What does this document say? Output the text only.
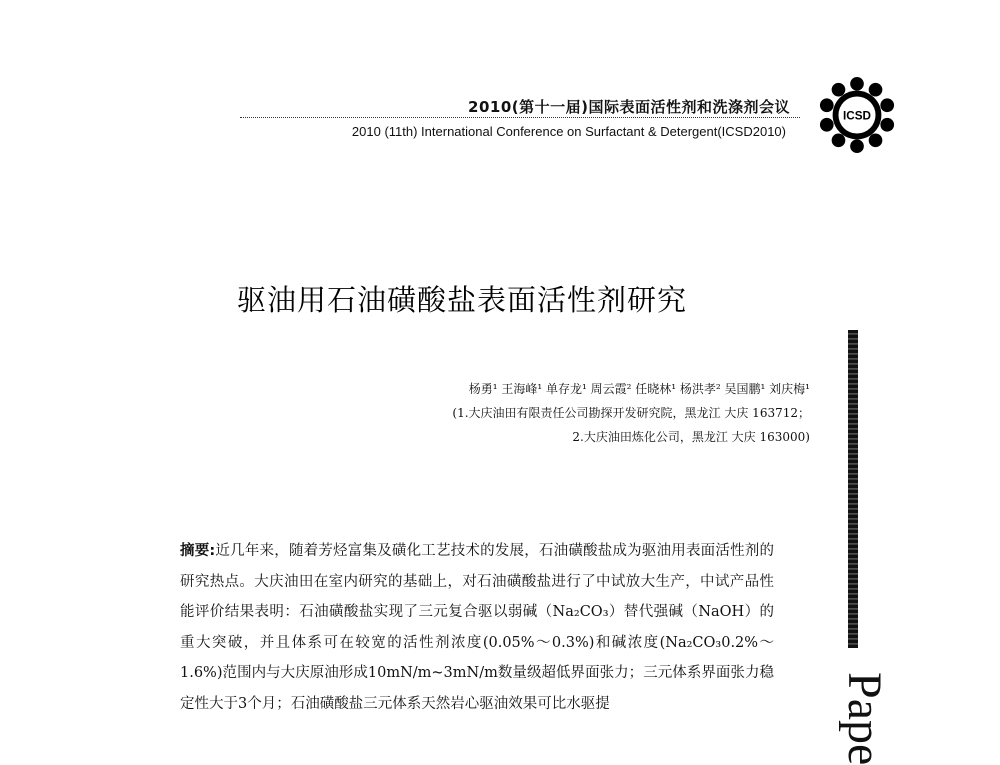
2010(第十一届)国际表面活性剂和洗涤剂会议
2010 (11th) International Conference on Surfactant & Detergent(ICSD2010)
ICSD
驱油用石油磺酸盐表面活性剂研究
杨勇¹ 王海峰¹ 单存龙¹ 周云霞² 任晓林¹ 杨洪孝² 吴国鹏¹ 刘庆梅¹
(1.大庆油田有限责任公司勘探开发研究院，黑龙江 大庆 163712；
2.大庆油田炼化公司，黑龙江 大庆 163000)

摘要:近几年来，随着芳烃富集及磺化工艺技术的发展，石油磺酸盐成为驱油用表面活性剂的研究热点。大庆油田在室内研究的基础上，对石油磺酸盐进行了中试放大生产，中试产品性能评价结果表明：石油磺酸盐实现了三元复合驱以弱碱（Na₂CO₃）替代强碱（NaOH）的重大突破，并且体系可在较宽的活性剂浓度(0.05%～0.3%)和碱浓度(Na₂CO₃0.2%～1.6%)范围内与大庆原油形成10mN/m~3mN/m数量级超低界面张力；三元体系界面张力稳定性大于3个月；石油磺酸盐三元体系天然岩心驱油效果可比水驱提	Pape
